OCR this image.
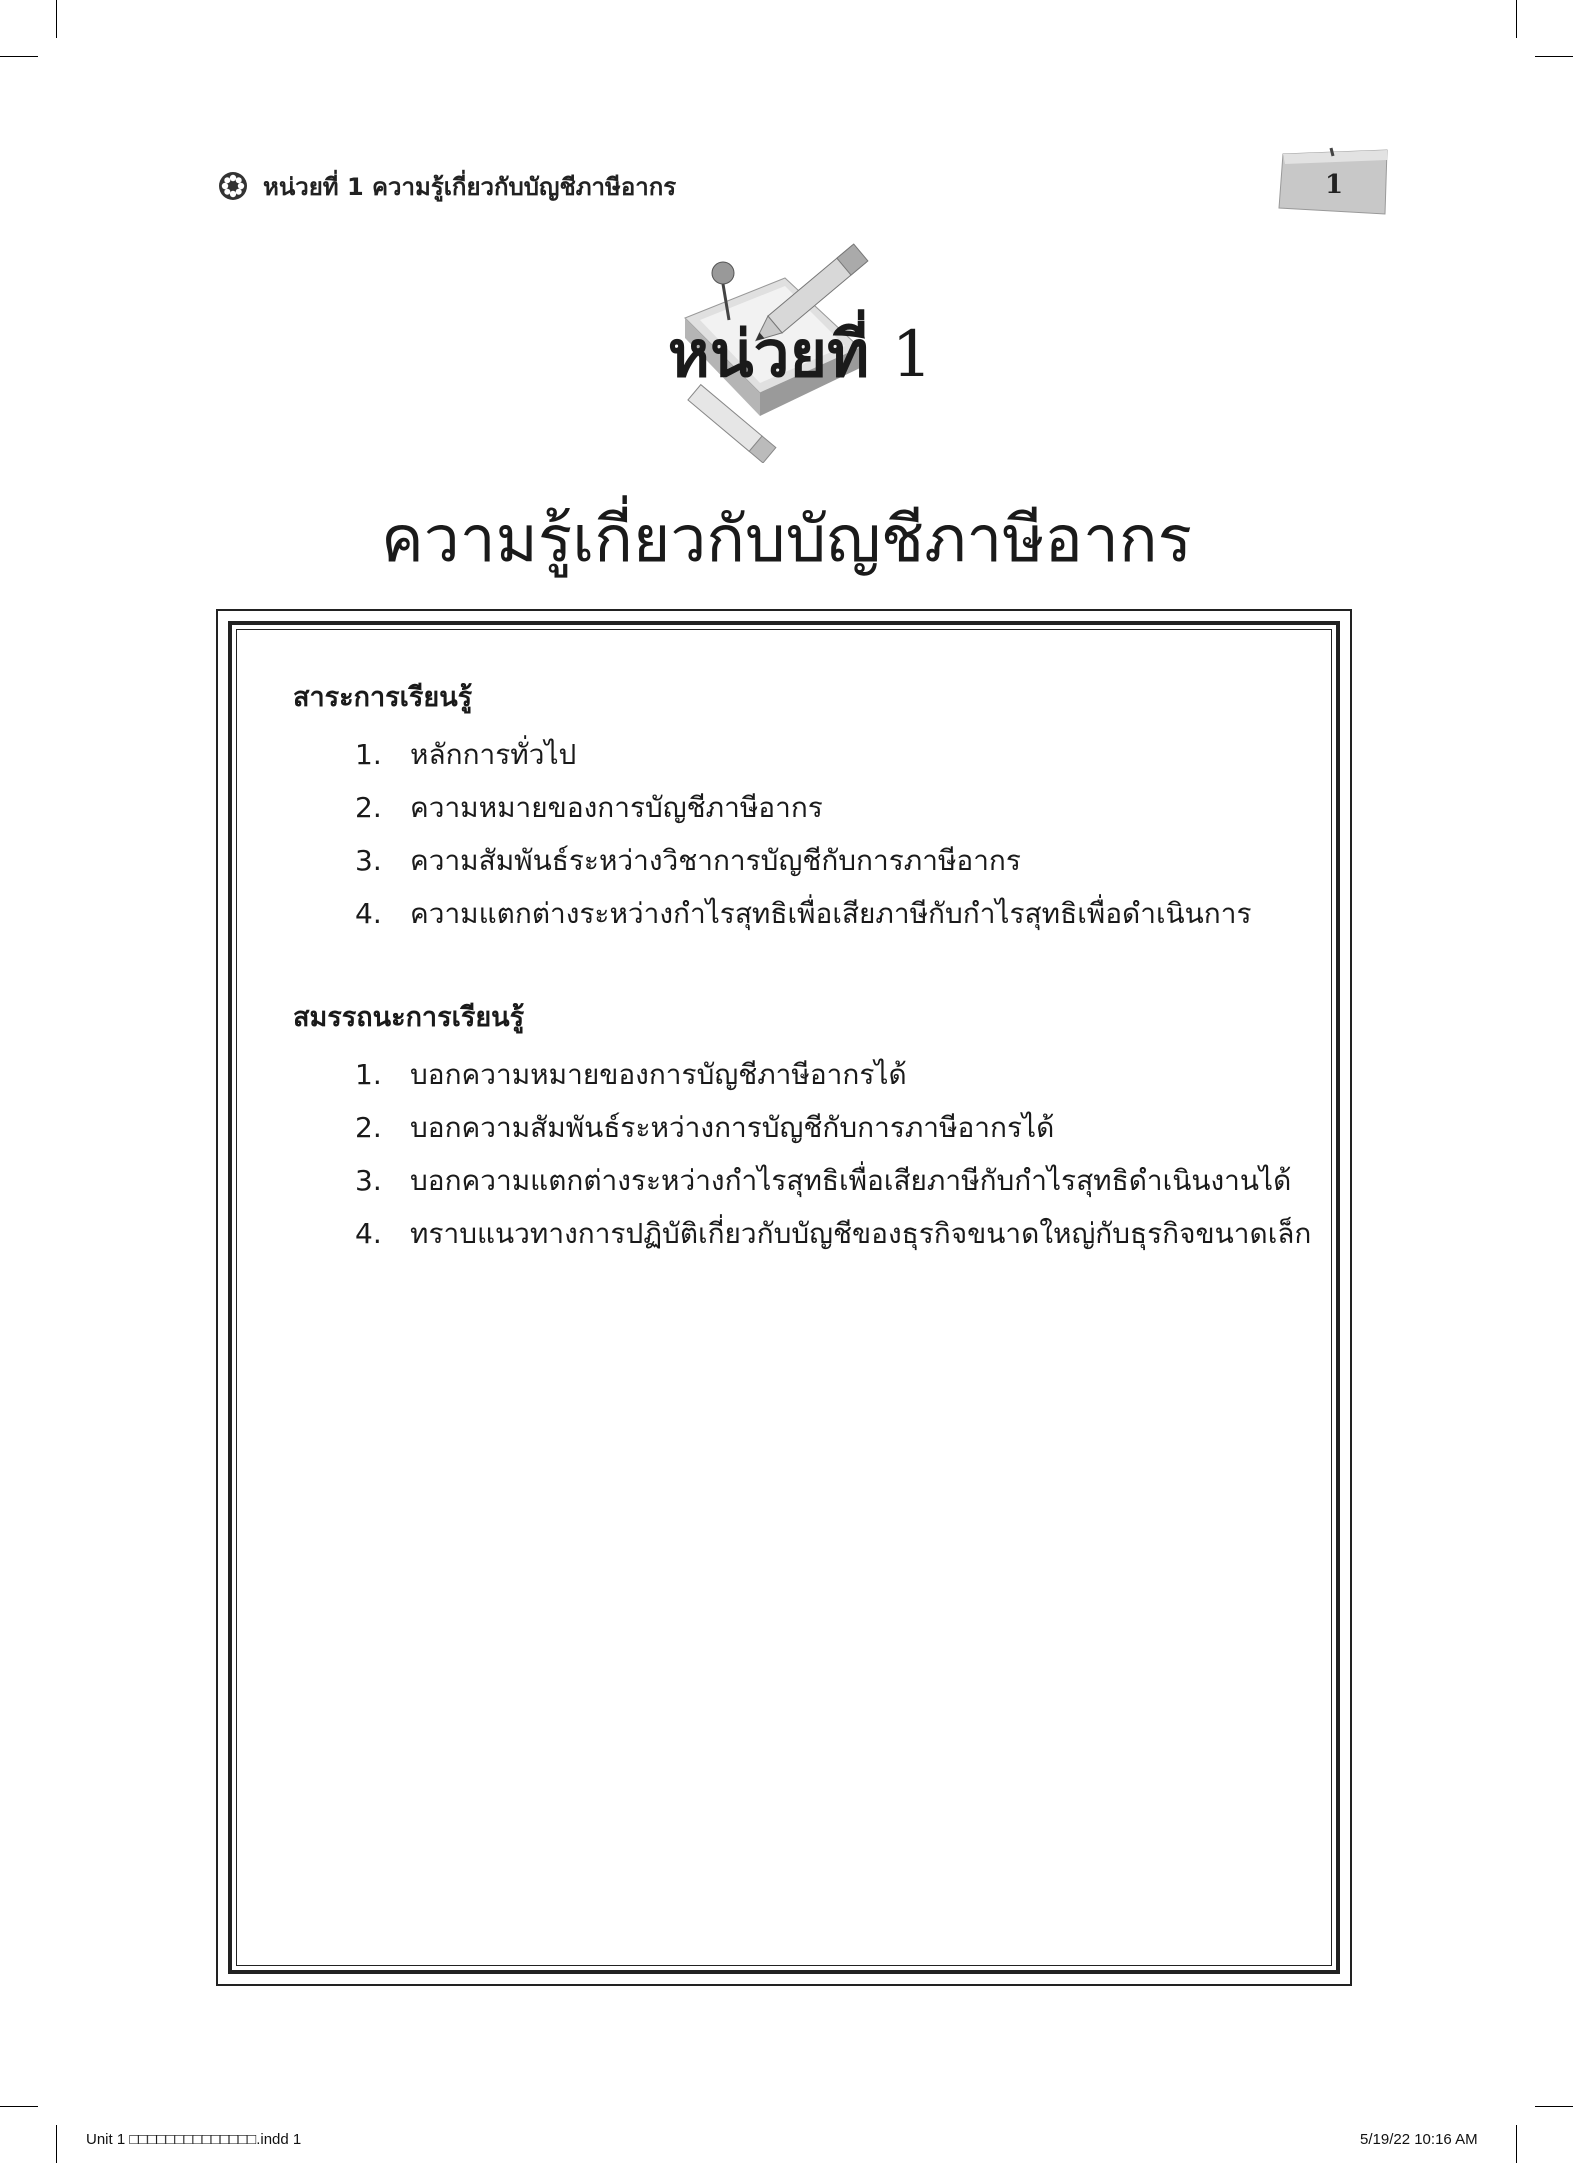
หน่วยที่ 1 ความรู้เกี่ยวกับบัญชีภาษีอากร	1
หน่วยที่ 1
ความรู้เกี่ยวกับบัญชีภาษีอากร
สาระการเรียนรู้
1.	หลักการทั่วไป
2.	ความหมายของการบัญชีภาษีอากร
3.	ความสัมพันธ์ระหว่างวิชาการบัญชีกับการภาษีอากร
4.	ความแตกต่างระหว่างกำไรสุทธิเพื่อเสียภาษีกับกำไรสุทธิเพื่อดำเนินการ
สมรรถนะการเรียนรู้
1.	บอกความหมายของการบัญชีภาษีอากรได้
2.	บอกความสัมพันธ์ระหว่างการบัญชีกับการภาษีอากรได้
3.	บอกความแตกต่างระหว่างกำไรสุทธิเพื่อเสียภาษีกับกำไรสุทธิดำเนินงานได้
4.	ทราบแนวทางการปฏิบัติเกี่ยวกับบัญชีของธุรกิจขนาดใหญ่กับธุรกิจขนาดเล็ก
Unit 1 □□□□□□□□□□□□□□.indd 1	5/19/22 10:16 AM
